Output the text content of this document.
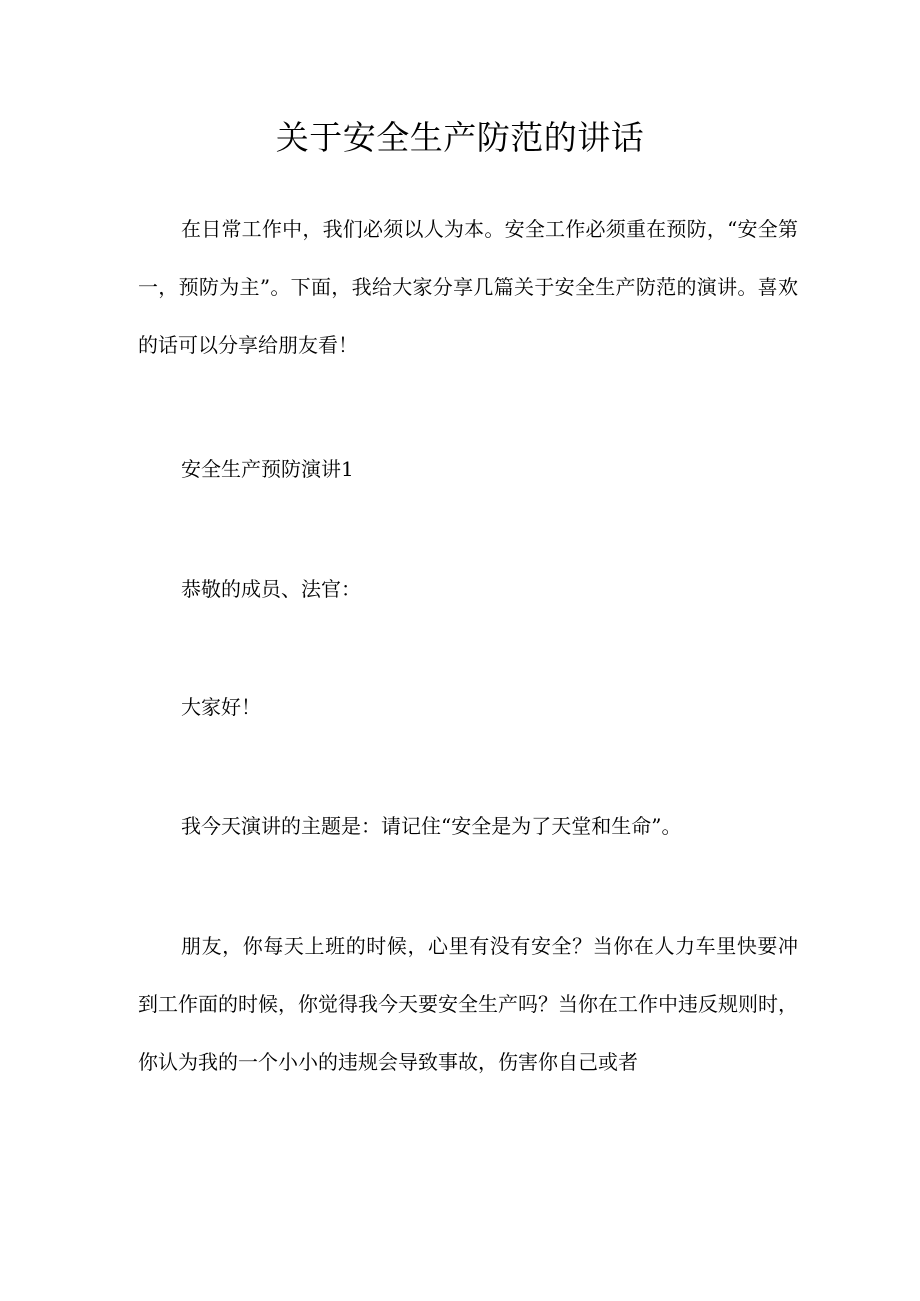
关于安全生产防范的讲话

在日常工作中，我们必须以人为本。安全工作必须重在预防，“安全第一，预防为主”。下面，我给大家分享几篇关于安全生产防范的演讲。喜欢的话可以分享给朋友看！

安全生产预防演讲1

恭敬的成员、法官：

大家好！

我今天演讲的主题是：请记住“安全是为了天堂和生命”。

朋友，你每天上班的时候，心里有没有安全？当你在人力车里快要冲到工作面的时候，你觉得我今天要安全生产吗？当你在工作中违反规则时，你认为我的一个小小的违规会导致事故，伤害你自己或者
